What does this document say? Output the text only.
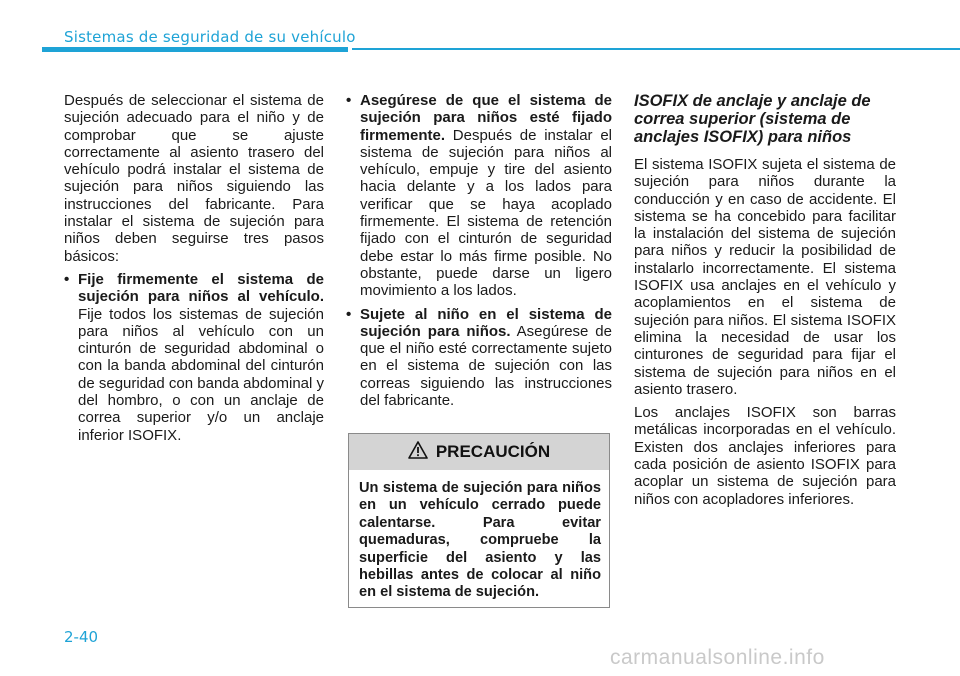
Sistemas de seguridad de su vehículo

Después de seleccionar el sistema de sujeción adecuado para el niño y de comprobar que se ajuste correctamente al asiento trasero del vehículo podrá instalar el sistema de sujeción para niños siguiendo las instrucciones del fabricante. Para instalar el sistema de sujeción para niños deben seguirse tres pasos básicos:

• Fije firmemente el sistema de sujeción para niños al vehículo. Fije todos los sistemas de sujeción para niños al vehículo con un cinturón de seguridad abdominal o con la banda abdominal del cinturón de seguridad con banda abdominal y del hombro, o con un anclaje de correa superior y/o un anclaje inferior ISOFIX.
• Asegúrese de que el sistema de sujeción para niños esté fijado firmemente. Después de instalar el sistema de sujeción para niños al vehículo, empuje y tire del asiento hacia delante y a los lados para verificar que se haya acoplado firmemente. El sistema de retención fijado con el cinturón de seguridad debe estar lo más firme posible. No obstante, puede darse un ligero movimiento a los lados.
• Sujete al niño en el sistema de sujeción para niños. Asegúrese de que el niño esté correctamente sujeto en el sistema de sujeción con las correas siguiendo las instrucciones del fabricante.
PRECAUCIÓN
Un sistema de sujeción para niños en un vehículo cerrado puede calentarse. Para evitar quemaduras, compruebe la superficie del asiento y las hebillas antes de colocar al niño en el sistema de sujeción.
ISOFIX de anclaje y anclaje de correa superior (sistema de anclajes ISOFIX) para niños

El sistema ISOFIX sujeta el sistema de sujeción para niños durante la conducción y en caso de accidente. El sistema se ha concebido para facilitar la instalación del sistema de sujeción para niños y reducir la posibilidad de instalarlo incorrectamente. El sistema ISOFIX usa anclajes en el vehículo y acoplamientos en el sistema de sujeción para niños. El sistema ISOFIX elimina la necesidad de usar los cinturones de seguridad para fijar el sistema de sujeción para niños en el asiento trasero.

Los anclajes ISOFIX son barras metálicas incorporadas en el vehículo. Existen dos anclajes inferiores para cada posición de asiento ISOFIX para acoplar un sistema de sujeción para niños con acopladores inferiores.

2-40
carmanualsonline.info
